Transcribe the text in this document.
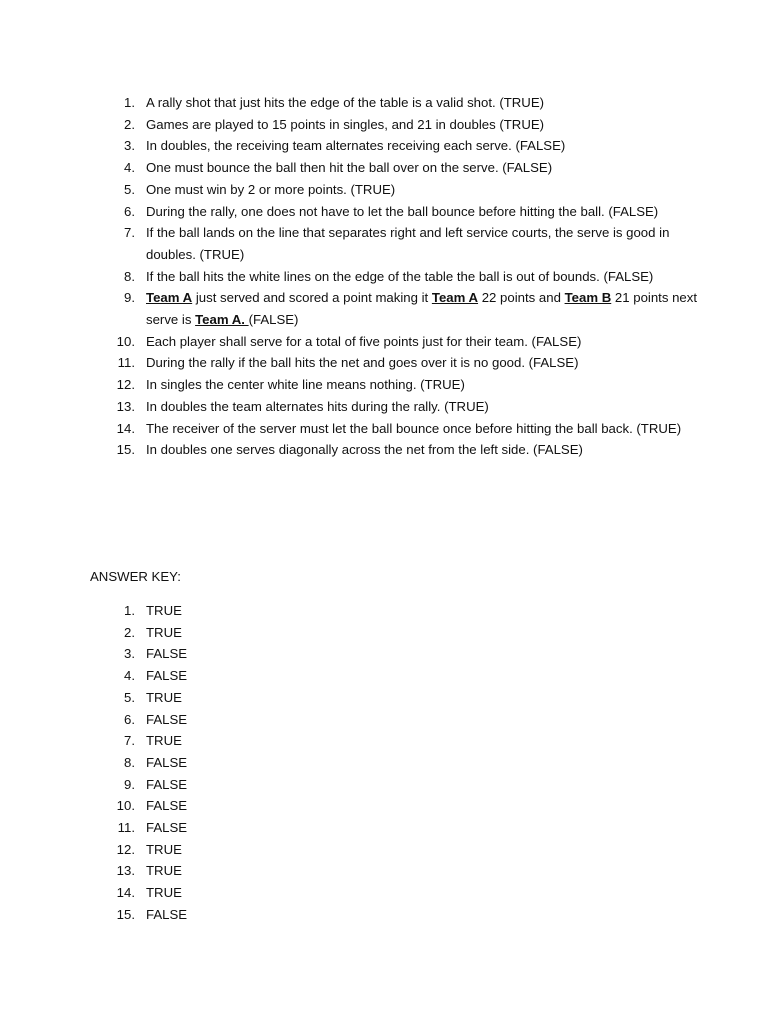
1. A rally shot that just hits the edge of the table is a valid shot. (TRUE)
2. Games are played to 15 points in singles, and 21 in doubles (TRUE)
3. In doubles, the receiving team alternates receiving each serve. (FALSE)
4. One must bounce the ball then hit the ball over on the serve. (FALSE)
5. One must win by 2 or more points. (TRUE)
6. During the rally, one does not have to let the ball bounce before hitting the ball. (FALSE)
7. If the ball lands on the line that separates right and left service courts, the serve is good in doubles. (TRUE)
8. If the ball hits the white lines on the edge of the table the ball is out of bounds. (FALSE)
9. Team A just served and scored a point making it Team A 22 points and Team B 21 points next serve is Team A. (FALSE)
10. Each player shall serve for a total of five points just for their team. (FALSE)
11. During the rally if the ball hits the net and goes over it is no good. (FALSE)
12. In singles the center white line means nothing. (TRUE)
13. In doubles the team alternates hits during the rally. (TRUE)
14. The receiver of the server must let the ball bounce once before hitting the ball back. (TRUE)
15. In doubles one serves diagonally across the net from the left side. (FALSE)

ANSWER KEY:

1. TRUE
2. TRUE
3. FALSE
4. FALSE
5. TRUE
6. FALSE
7. TRUE
8. FALSE
9. FALSE
10. FALSE
11. FALSE
12. TRUE
13. TRUE
14. TRUE
15. FALSE
